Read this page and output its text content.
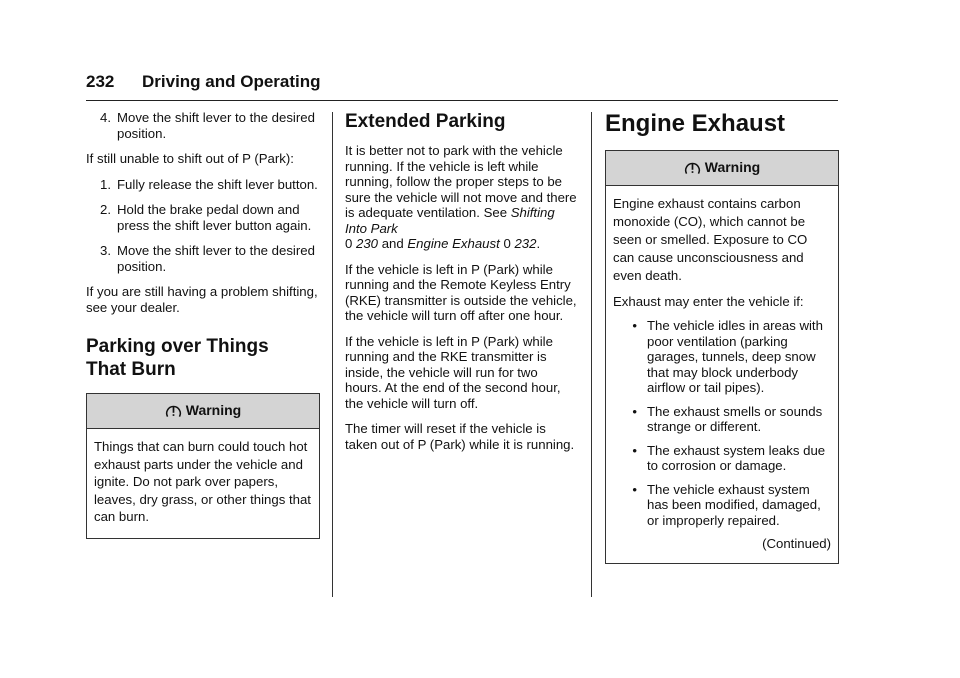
232 Driving and Operating
4. Move the shift lever to the desired position.

If still unable to shift out of P (Park):

1. Fully release the shift lever button.
2. Hold the brake pedal down and press the shift lever button again.
3. Move the shift lever to the desired position.

If you are still having a problem shifting, see your dealer.

Parking over Things
That Burn
Warning

Things that can burn could touch hot exhaust parts under the vehicle and ignite. Do not park over papers, leaves, dry grass, or other things that can burn.

Extended Parking

It is better not to park with the vehicle running. If the vehicle is left while running, follow the proper steps to be sure the vehicle will not move and there is adequate ventilation. See Shifting Into Park
0 230 and Engine Exhaust 0 232.

If the vehicle is left in P (Park) while running and the Remote Keyless Entry (RKE) transmitter is outside the vehicle, the vehicle will turn off after one hour.

If the vehicle is left in P (Park) while running and the RKE transmitter is inside, the vehicle will run for two hours. At the end of the second hour, the vehicle will turn off.

The timer will reset if the vehicle is taken out of P (Park) while it is running.

Engine Exhaust
Warning

Engine exhaust contains carbon monoxide (CO), which cannot be seen or smelled. Exposure to CO can cause unconsciousness and even death.

Exhaust may enter the vehicle if:

• The vehicle idles in areas with poor ventilation (parking garages, tunnels, deep snow that may block underbody airflow or tail pipes).
• The exhaust smells or sounds strange or different.
• The exhaust system leaks due to corrosion or damage.
• The vehicle exhaust system has been modified, damaged, or improperly repaired.

(Continued)
